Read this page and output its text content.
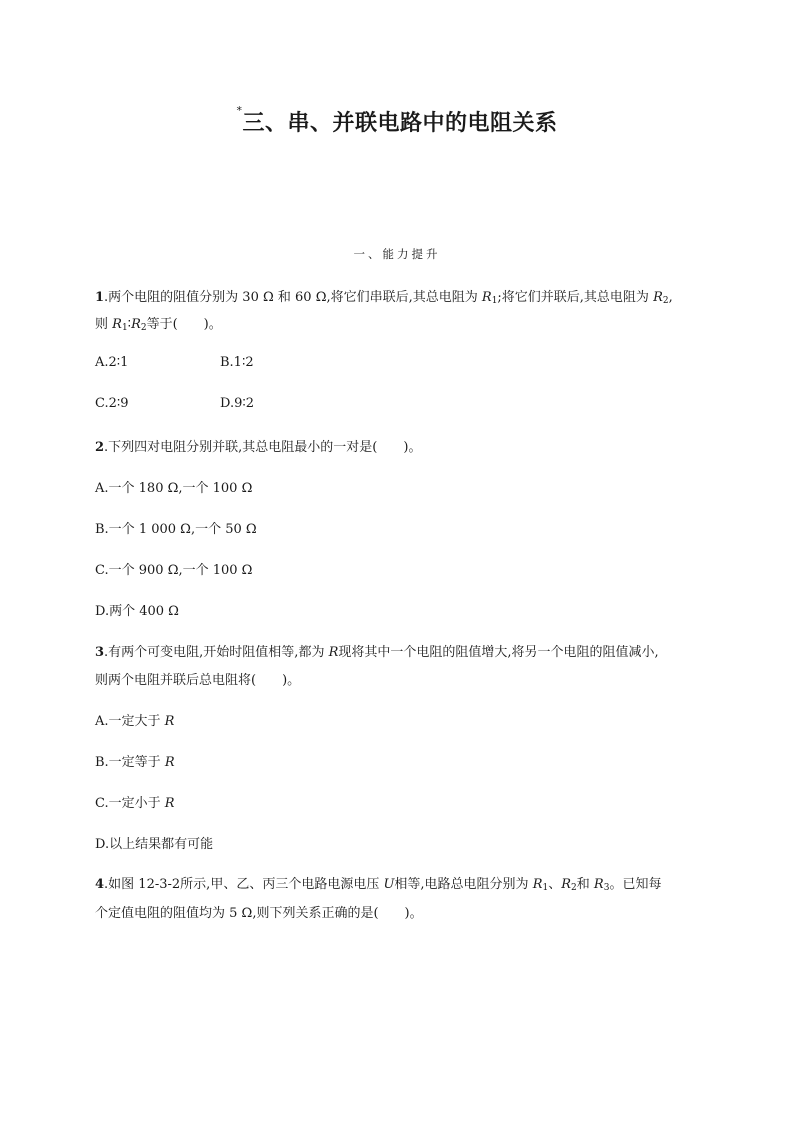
*三、串、并联电路中的电阻关系
一、能力提升
1.两个电阻的阻值分别为 30 Ω 和 60 Ω,将它们串联后,其总电阻为 $R_1$;将它们并联后,其总电阻为 $R_2$,
则 $R_1∶R_2$等于(　　)。
A.2∶1	B.1∶2
C.2∶9	D.9∶2
2.下列四对电阻分别并联,其总电阻最小的一对是(　　)。
A.一个 180 Ω,一个 100 Ω
B.一个 1 000 Ω,一个 50 Ω
C.一个 900 Ω,一个 100 Ω
D.两个 400 Ω
3.有两个可变电阻,开始时阻值相等,都为 R现将其中一个电阻的阻值增大,将另一个电阻的阻值减小,
则两个电阻并联后总电阻将(　　)。
A.一定大于 R
B.一定等于 R
C.一定小于 R
D.以上结果都有可能
4.如图 12-3-2所示,甲、乙、丙三个电路电源电压 U相等,电路总电阻分别为 $R_1$、$R_2$和 $R_3$。已知每
个定值电阻的阻值均为 5 Ω,则下列关系正确的是(　　)。
